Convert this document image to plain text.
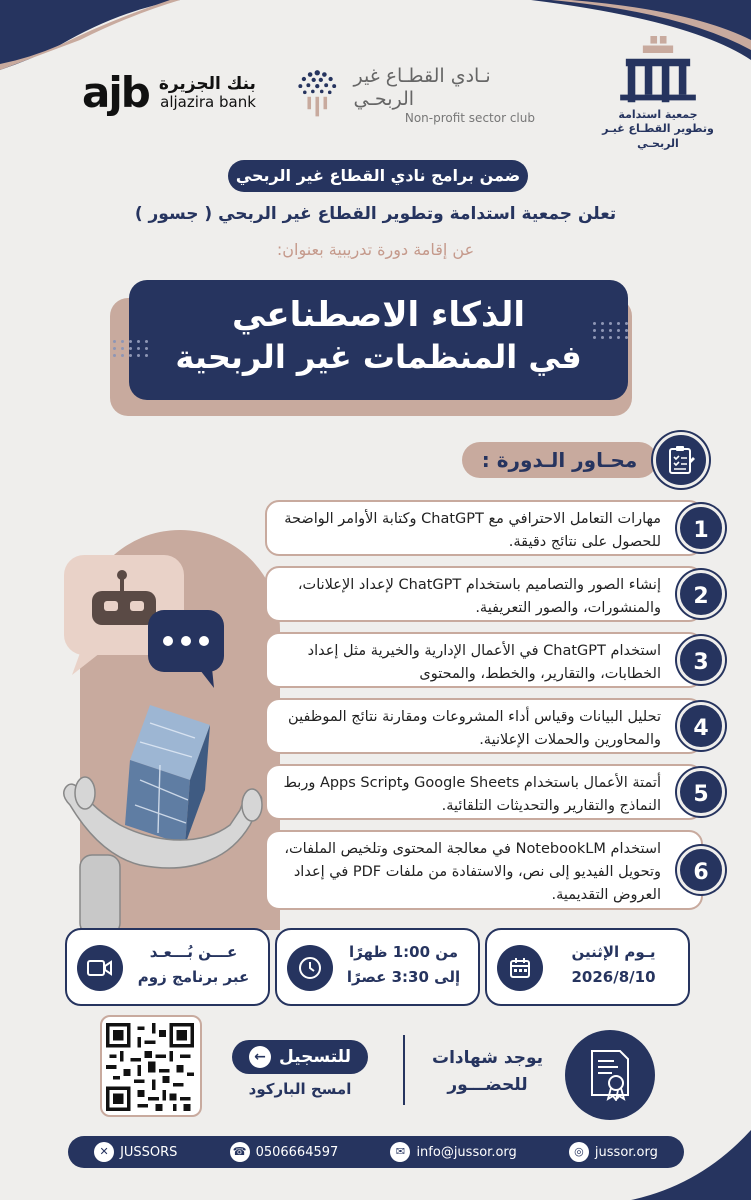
ajb بنك الجزيرة
aljazira bank
نـادي القطـاع غير الربحـي
Non-profit sector club	جمعية استدامة وتطوير القطـاع غيـر الربحـي
ضمن برامج نادي القطاع غير الربحي
تعلن جمعية استدامة وتطوير القطاع غير الربحي ( جسور )
عن إقامة دورة تدريبية بعنوان:
الذكاء الاصطناعي
في المنظمات غير الربحية
محـاور الـدورة :
مهارات التعامل الاحترافي مع ChatGPT وكتابة الأوامر الواضحة للحصول على نتائج دقيقة.	1
إنشاء الصور والتصاميم باستخدام ChatGPT لإعداد الإعلانات، والمنشورات، والصور التعريفية.	2
استخدام ChatGPT في الأعمال الإدارية والخيرية مثل إعداد الخطابات، والتقارير، والخطط، والمحتوى	3
تحليل البيانات وقياس أداء المشروعات ومقارنة نتائج الموظفين والمحاورين والحملات الإعلانية.	4
أتمتة الأعمال باستخدام Google Sheets وApps Script وربط النماذج والتقارير والتحديثات التلقائية.	5
استخدام NotebookLM في معالجة المحتوى وتلخيص الملفات، وتحويل الفيديو إلى نص، والاستفادة من ملفات PDF في إعداد العروض التقديمية.
6
يـوم الإثنين
2026/8/10
من 1:00 ظهرًا
إلى 3:30 عصرًا
عـــن بُـــعـد
عبر برنامج زوم
للتسجيل
←
امسح الباركود
يوجد شهادات
للحضـــور
✕ JUSSORS	☎ 0506664597	✉ info@jussor.org	◎ jussor.org
